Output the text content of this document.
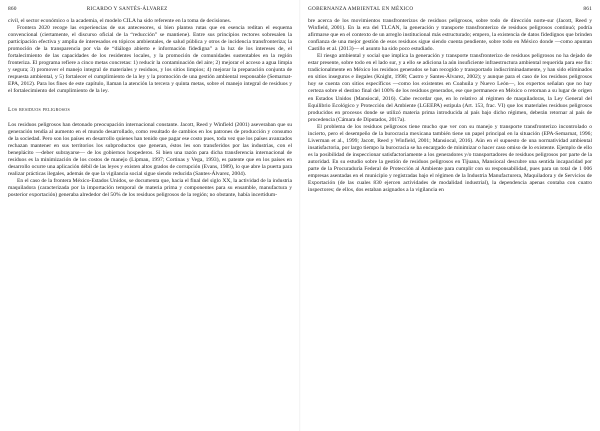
860	RICARDO Y SANTÉS-ÁLVAREZ

civil, el sector económico o la academia, el modelo CILA ha sido referente en la toma de decisiones.

Frontera 2020 recoge las experiencias de sus antecesores, si bien plantea rutas que en esencia reditan el esquema convencional (ciertamente, el discurso oficial de la “reducción” se mantiene). Entre sus principios rectores sobresalen la participación efectiva y amplia de interesados en tópicos ambientales, de salud pública y otros de incidencia transfronteriza; la promoción de la transparencia por vía de “diálogo abierto e información fidedigna” a la luz de los intereses de, el fortalecimiento de las capacidades de los residentes locales, y la promoción de comunidades sustentables en la región fronteriza. El programa refiere a cinco metas concretas: 1) reducir la contaminación del aire; 2) mejorar el acceso a agua limpia y segura; 3) promover el manejo integral de materiales y residuos, y los sitios limpios; 4) mejorar la preparación conjunta de respuesta ambiental, y 5) fortalecer el cumplimiento de la ley y la promoción de una gestión ambiental responsable (Semarnat-EPA, 2012). Para los fines de este capítulo, llaman la atención la tercera y quinta metas, sobre el manejo integral de residuos y el fortalecimiento del cumplimiento de la ley.

Los residuos peligrosos

Los residuos peligrosos han detonado preocupación internacional constante. Jacott, Reed y Winfield (2001) aseveraban que su generación tendía al aumento en el mundo desarrollado, como resultado de cambios en los patrones de producción y consumo de la sociedad. Pero son los países en desarrollo quienes han tenido que pagar ese costo pues, toda vez que los países avanzados rechazan mantener en sus territorios los subproductos que generan, éstos les son transferidos por las industrias, con el beneplácito —deber subrayarse— de los gobiernos hospederos. Si bien una razón para dicha transferencia internacional de residuos es la minimización de los costos de manejo (Lipman, 1997; Cortinas y Vega, 1993), es patente que en los países en desarrollo ocurre una aplicación débil de las leyes y existen altos grados de corrupción (Evans, 1989), lo que abre la puerta para realizar prácticas ilegales, además de que la vigilancia social sigue siendo reducida (Santes-Álvarez, 2004).

En el caso de la frontera México-Estados Unidos, se documenta que, hacia el final del siglo XX, la actividad de la industria maquiladora (caracterizada por la importación temporal de materia prima y componentes para su ensamble, manufactura y posterior exportación) generaba alrededor del 50% de los residuos peligrosos de la región; no obstante, había incertidum-

GOBERNANZA AMBIENTAL EN MÉXICO	861

bre acerca de los movimientos transfronterizos de residuos peligrosos, sobre todo de dirección norte-sur (Jacott, Reed y Winfield, 2001). En la era del TLCAN, la generación y transporte transfronterizo de residuos peligrosos continuó; podría afirmarse que en el contexto de un arreglo institucional más estructurado; empero, la existencia de datos fidedignos que brinden confianza de una mejor gestión de esos residuos sigue siendo cuenta pendiente, sobre todo en México donde —como apuntan Castillo et al. (2013)— el asunto ha sido poco estudiado.

El riesgo ambiental y social que implica la generación y transporte transfronterizo de residuos peligrosos no ha dejado de estar presente, sobre todo en el lado sur, y a ello se adiciona la aún insuficiente infraestructura ambiental requerida para ese fin: tradicionalmente en México los residuos generados se han recogido y transportado indiscriminadamente, y han sido eliminados en sitios inseguros e ilegales (Knight, 1998; Castro y Santes-Álvarez, 2002); y aunque para el caso de los residuos peligrosos hoy se cuenta con sitios específicos —como los existentes en Coahuila y Nuevo León—, los expertos señalan que no hay certeza sobre el destino final del 100% de los residuos generados, ese que permanece en México o retornan a su lugar de origen en Estados Unidos (Mansiocal, 2016). Cabe recordar que, en lo relativo al régimen de maquiladoras, la Ley General del Equilibrio Ecológico y Protección del Ambiente (LGEEPA) estipula (Art. 153, frac. VI) que los materiales residuos peligrosos producidos en procesos donde se utilizó materia prima introducida al país bajo dicho régimen, deberán retornar al país de procedencia (Cámara de Diputados, 2017a).

El problema de los residuos peligrosos tiene mucho que ver con su manejo y transporte transfronterizo incontrolado o incierto, pero el desempeño de la burocracia mexicana también tiene un papel principal en la situación (EPA-Semarnat, 1996; Liverman et al., 1999; Jacott, Reed y Winfield, 2001; Mansiocal, 2016). Aún en el supuesto de una normatividad ambiental insatisfactoria, por largo tiempo la burocracia se ha encargado de minimizar o hacer caso omiso de lo existente. Ejemplo de ello es la posibilidad de inspeccionar satisfactoriamente a los generadores y/o transportadores de residuos peligrosos por parte de la autoridad. En su estudio sobre la gestión de residuos peligrosos en Tijuana, Mansiocal descubre una sentida incapacidad por parte de la Procuraduría Federal de Protección al Ambiente para cumplir con su responsabilidad, pues para un total de 1 006 empresas asentadas en el municipio y registradas bajo el régimen de la Industria Manufacturera, Maquiladora y de Servicios de Exportación (de las cuales 830 ejercen actividades de modalidad industrial), la dependencia apenas contaba con cuatro inspectores; de ellos, dos estaban asignados a la vigilancia en
